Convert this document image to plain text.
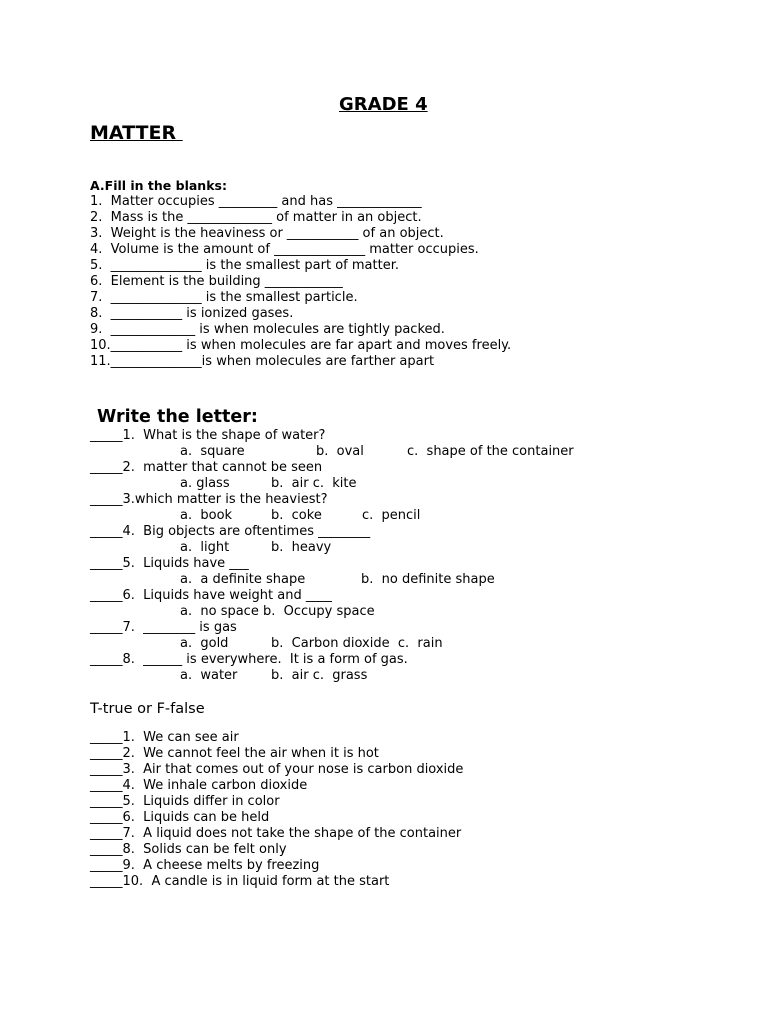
GRADE 4
MATTER
A.Fill in the blanks:
1.  Matter occupies _________ and has _____________
2.  Mass is the _____________ of matter in an object.
3.  Weight is the heaviness or ___________ of an object.
4.  Volume is the amount of ______________ matter occupies.
5.  ______________ is the smallest part of matter.
6.  Element is the building ____________
7.  ______________ is the smallest particle.
8.  ___________ is ionized gases.
9.  _____________ is when molecules are tightly packed.
10.___________ is when molecules are far apart and moves freely.
11.______________is when molecules are farther apart
Write the letter:
_____1.  What is the shape of water?
a.  square	b.  oval	c.  shape of the container
_____2.  matter that cannot be seen
a. glass	b.  air c.  kite
_____3.which matter is the heaviest?
a.  book	b.  coke	c.  pencil
_____4.  Big objects are oftentimes ________
a.  light	b.  heavy
_____5.  Liquids have ___
a.  a definite shape	b.  no definite shape
_____6.  Liquids have weight and ____
a.  no space b.  Occupy space
_____7.  ________ is gas
a.  gold	b.  Carbon dioxide  c.  rain
_____8.  ______ is everywhere.  It is a form of gas.
a.  water	b.  air c.  grass
T-true or F-false
_____1.  We can see air
_____2.  We cannot feel the air when it is hot
_____3.  Air that comes out of your nose is carbon dioxide
_____4.  We inhale carbon dioxide
_____5.  Liquids differ in color
_____6.  Liquids can be held
_____7.  A liquid does not take the shape of the container
_____8.  Solids can be felt only
_____9.  A cheese melts by freezing
_____10.  A candle is in liquid form at the start
